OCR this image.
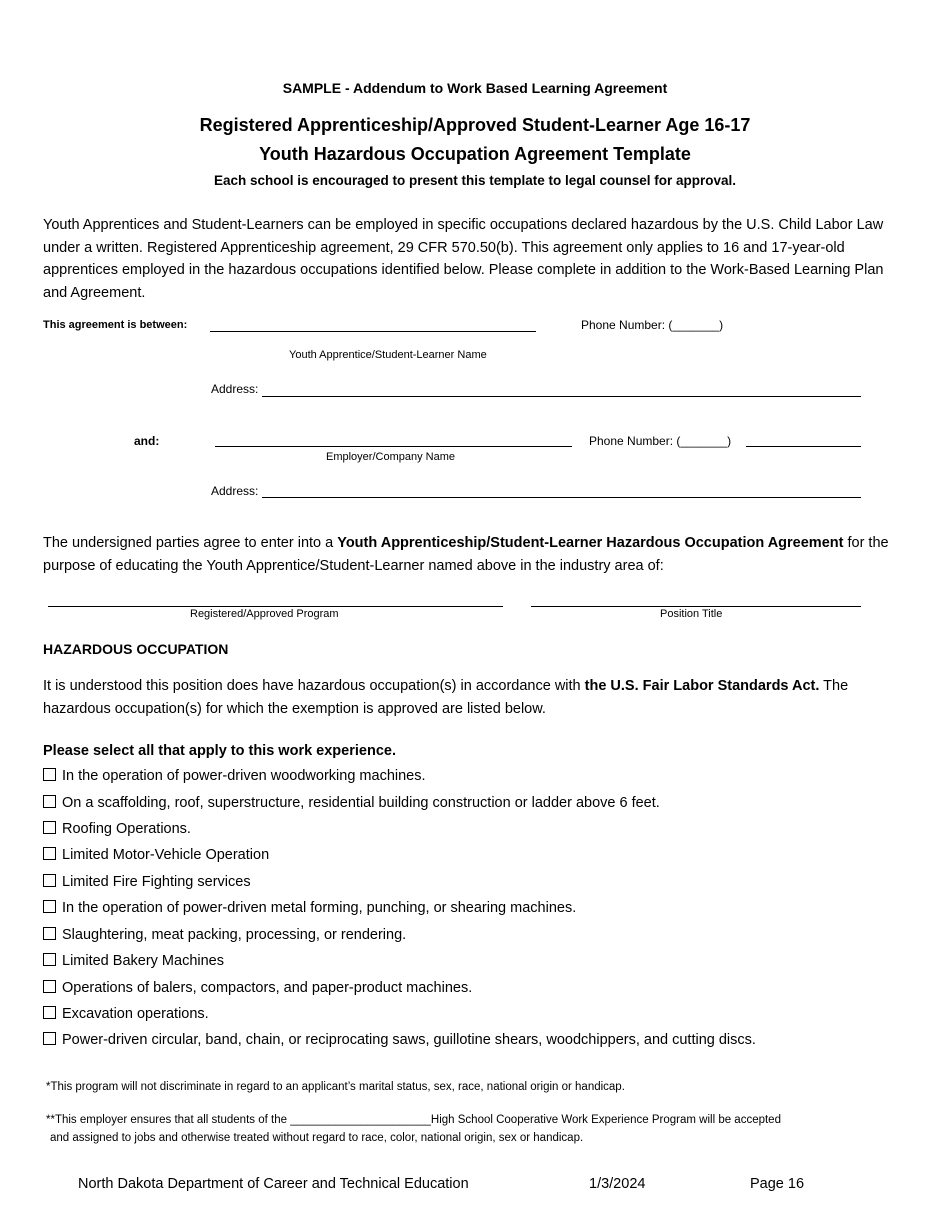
SAMPLE - Addendum to Work Based Learning Agreement
Registered Apprenticeship/Approved Student-Learner Age 16-17
Youth Hazardous Occupation Agreement Template
Each school is encouraged to present this template to legal counsel for approval.
Youth Apprentices and Student-Learners can be employed in specific occupations declared hazardous by the U.S. Child Labor Law under a written. Registered Apprenticeship agreement, 29 CFR 570.50(b). This agreement only applies to 16 and 17-year-old apprentices employed in the hazardous occupations identified below. Please complete in addition to the Work-Based Learning Plan and Agreement.
This agreement is between:	Phone Number: (_______)
Youth Apprentice/Student-Learner Name
Address:
and:	Phone Number: (_______)
Employer/Company Name
Address:
The undersigned parties agree to enter into a Youth Apprenticeship/Student-Learner Hazardous Occupation Agreement for the purpose of educating the Youth Apprentice/Student-Learner named above in the industry area of:
Registered/Approved Program	Position Title
HAZARDOUS OCCUPATION
It is understood this position does have hazardous occupation(s) in accordance with the U.S. Fair Labor Standards Act. The hazardous occupation(s) for which the exemption is approved are listed below.
Please select all that apply to this work experience.
In the operation of power-driven woodworking machines.
On a scaffolding, roof, superstructure, residential building construction or ladder above 6 feet.
Roofing Operations.
Limited Motor-Vehicle Operation
Limited Fire Fighting services
In the operation of power-driven metal forming, punching, or shearing machines.
Slaughtering, meat packing, processing, or rendering.
Limited Bakery Machines
Operations of balers, compactors, and paper-product machines.
Excavation operations.
Power-driven circular, band, chain, or reciprocating saws, guillotine shears, woodchippers, and cutting discs.
*This program will not discriminate in regard to an applicant’s marital status, sex, race, national origin or handicap.
**This employer ensures that all students of the ______________________High School Cooperative Work Experience Program will be accepted
and assigned to jobs and otherwise treated without regard to race, color, national origin, sex or handicap.
North Dakota Department of Career and Technical Education	1/3/2024	Page 16
